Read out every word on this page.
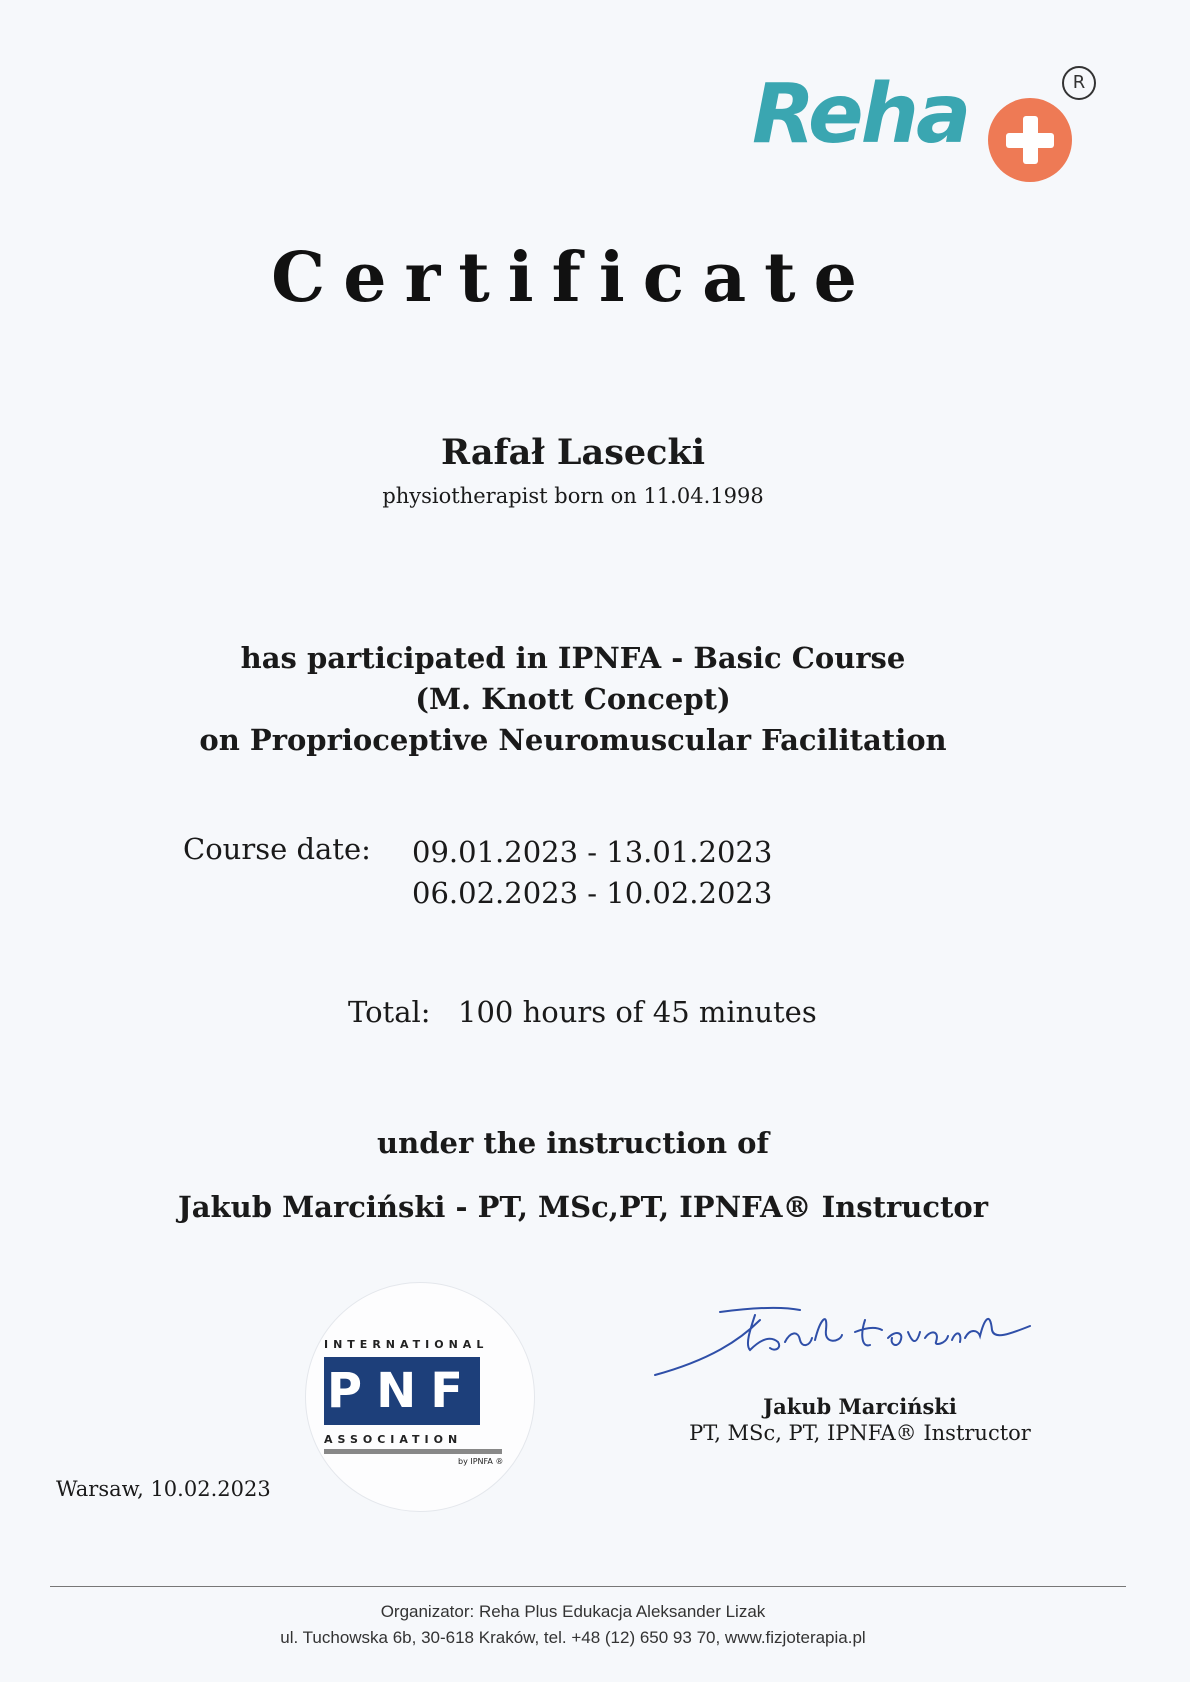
Reha	R
Certificate
Rafał Lasecki
physiotherapist born on 11.04.1998
has participated in IPNFA - Basic Course
(M. Knott Concept)
on Proprioceptive Neuromuscular Facilitation
Course date: 09.01.2023 - 13.01.2023
06.02.2023 - 10.02.2023
Total: 100 hours of 45 minutes
under the instruction of
Jakub Marciński - PT, MSc,PT, IPNFA® Instructor
INTERNATIONAL
PNF
ASSOCIATION
by IPNFA ®
Jakub Marciński
PT, MSc, PT, IPNFA® Instructor
Warsaw, 10.02.2023
Organizator: Reha Plus Edukacja Aleksander Lizak
ul. Tuchowska 6b, 30-618 Kraków, tel. +48 (12) 650 93 70, www.fizjoterapia.pl
